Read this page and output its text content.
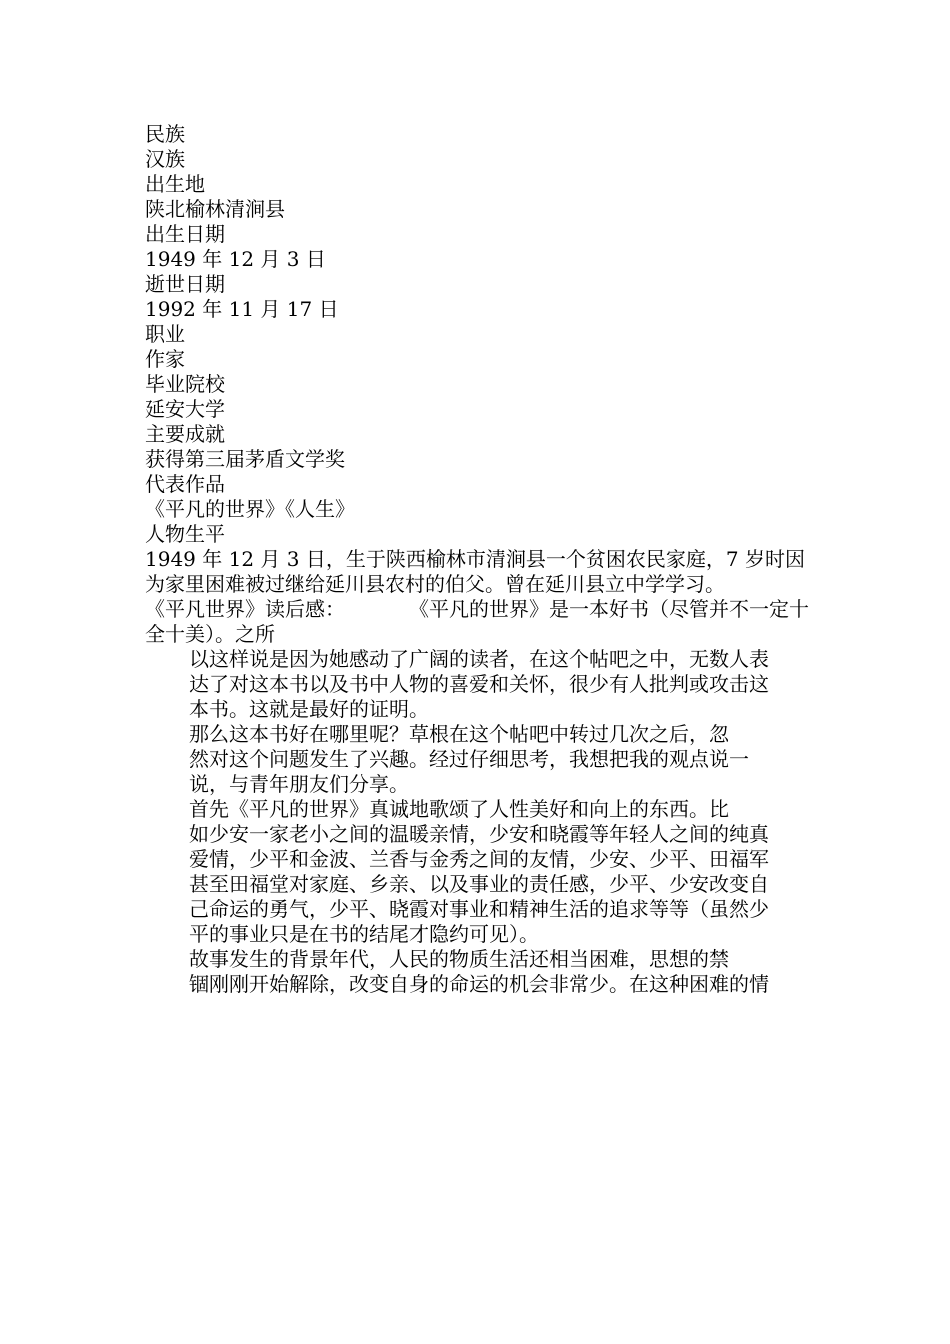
民族
汉族
出生地
陕北榆林清涧县
出生日期
1949 年 12 月 3 日
逝世日期
1992 年 11 月 17 日
职业
作家
毕业院校
延安大学
主要成就
获得第三届茅盾文学奖
代表作品
《平凡的世界》《人生》
人物生平
1949 年 12 月 3 日，生于陕西榆林市清涧县一个贫困农民家庭，7 岁时因为家里困难被过继给延川县农村的伯父。曾在延川县立中学学习。
《平凡世界》读后感：	《平凡的世界》是一本好书（尽管并不一定十全十美）。之所
以这样说是因为她感动了广阔的读者，在这个帖吧之中，无数人表
达了对这本书以及书中人物的喜爱和关怀，很少有人批判或攻击这
本书。这就是最好的证明。
那么这本书好在哪里呢？草根在这个帖吧中转过几次之后，忽
然对这个问题发生了兴趣。经过仔细思考，我想把我的观点说一
说，与青年朋友们分享。
首先《平凡的世界》真诚地歌颂了人性美好和向上的东西。比
如少安一家老小之间的温暖亲情，少安和晓霞等年轻人之间的纯真
爱情，少平和金波、兰香与金秀之间的友情，少安、少平、田福军
甚至田福堂对家庭、乡亲、以及事业的责任感，少平、少安改变自
己命运的勇气，少平、晓霞对事业和精神生活的追求等等（虽然少
平的事业只是在书的结尾才隐约可见）。
故事发生的背景年代，人民的物质生活还相当困难，思想的禁
锢刚刚开始解除，改变自身的命运的机会非常少。在这种困难的情
